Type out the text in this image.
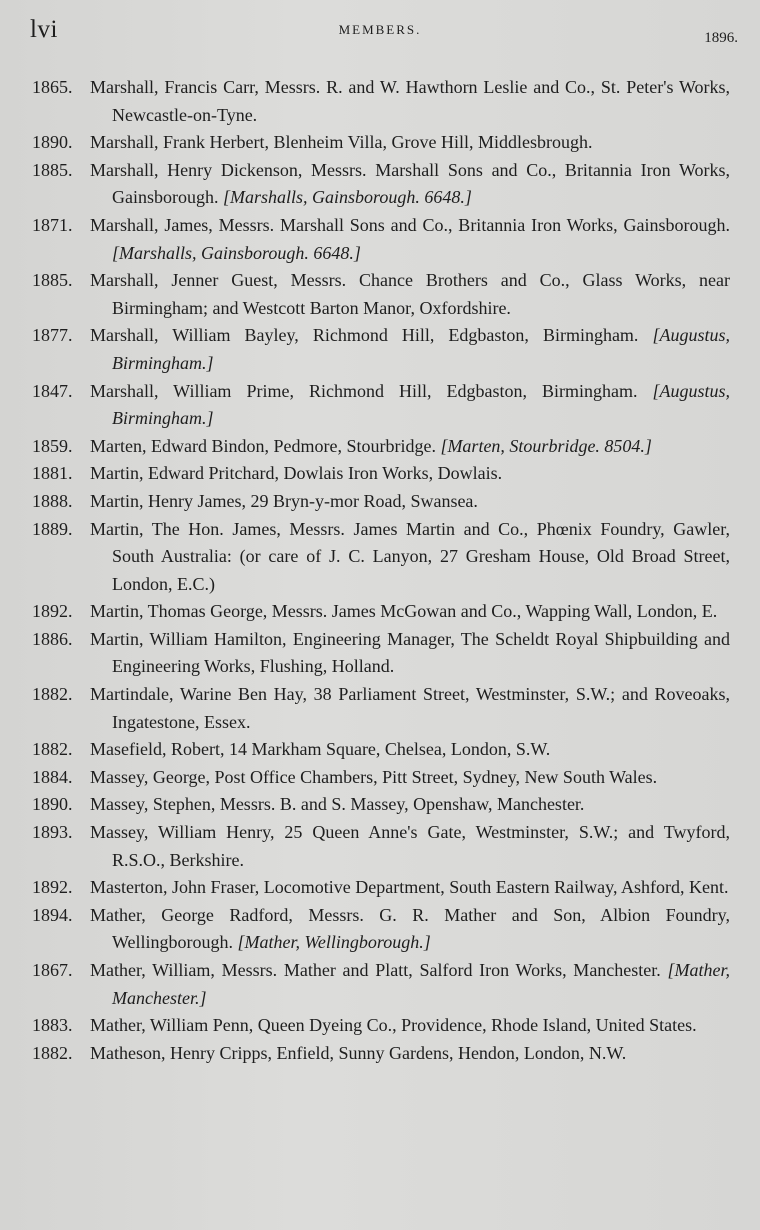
lvi	MEMBERS.
1896.
1865. Marshall, Francis Carr, Messrs. R. and W. Hawthorn Leslie and Co., St. Peter's Works, Newcastle-on-Tyne.
1890. Marshall, Frank Herbert, Blenheim Villa, Grove Hill, Middlesbrough.
1885. Marshall, Henry Dickenson, Messrs. Marshall Sons and Co., Britannia Iron Works, Gainsborough. [Marshalls, Gainsborough. 6648.]
1871. Marshall, James, Messrs. Marshall Sons and Co., Britannia Iron Works, Gainsborough. [Marshalls, Gainsborough. 6648.]
1885. Marshall, Jenner Guest, Messrs. Chance Brothers and Co., Glass Works, near Birmingham; and Westcott Barton Manor, Oxfordshire.
1877. Marshall, William Bayley, Richmond Hill, Edgbaston, Birmingham. [Augustus, Birmingham.]
1847. Marshall, William Prime, Richmond Hill, Edgbaston, Birmingham. [Augustus, Birmingham.]
1859. Marten, Edward Bindon, Pedmore, Stourbridge. [Marten, Stourbridge. 8504.]
1881. Martin, Edward Pritchard, Dowlais Iron Works, Dowlais.
1888. Martin, Henry James, 29 Bryn-y-mor Road, Swansea.
1889. Martin, The Hon. James, Messrs. James Martin and Co., Phœnix Foundry, Gawler, South Australia: (or care of J. C. Lanyon, 27 Gresham House, Old Broad Street, London, E.C.)
1892. Martin, Thomas George, Messrs. James McGowan and Co., Wapping Wall, London, E.
1886. Martin, William Hamilton, Engineering Manager, The Scheldt Royal Shipbuilding and Engineering Works, Flushing, Holland.
1882. Martindale, Warine Ben Hay, 38 Parliament Street, Westminster, S.W.; and Roveoaks, Ingatestone, Essex.
1882. Masefield, Robert, 14 Markham Square, Chelsea, London, S.W.
1884. Massey, George, Post Office Chambers, Pitt Street, Sydney, New South Wales.
1890. Massey, Stephen, Messrs. B. and S. Massey, Openshaw, Manchester.
1893. Massey, William Henry, 25 Queen Anne's Gate, Westminster, S.W.; and Twyford, R.S.O., Berkshire.
1892. Masterton, John Fraser, Locomotive Department, South Eastern Railway, Ashford, Kent.
1894. Mather, George Radford, Messrs. G. R. Mather and Son, Albion Foundry, Wellingborough. [Mather, Wellingborough.]
1867. Mather, William, Messrs. Mather and Platt, Salford Iron Works, Manchester. [Mather, Manchester.]
1883. Mather, William Penn, Queen Dyeing Co., Providence, Rhode Island, United States.
1882. Matheson, Henry Cripps, Enfield, Sunny Gardens, Hendon, London, N.W.
